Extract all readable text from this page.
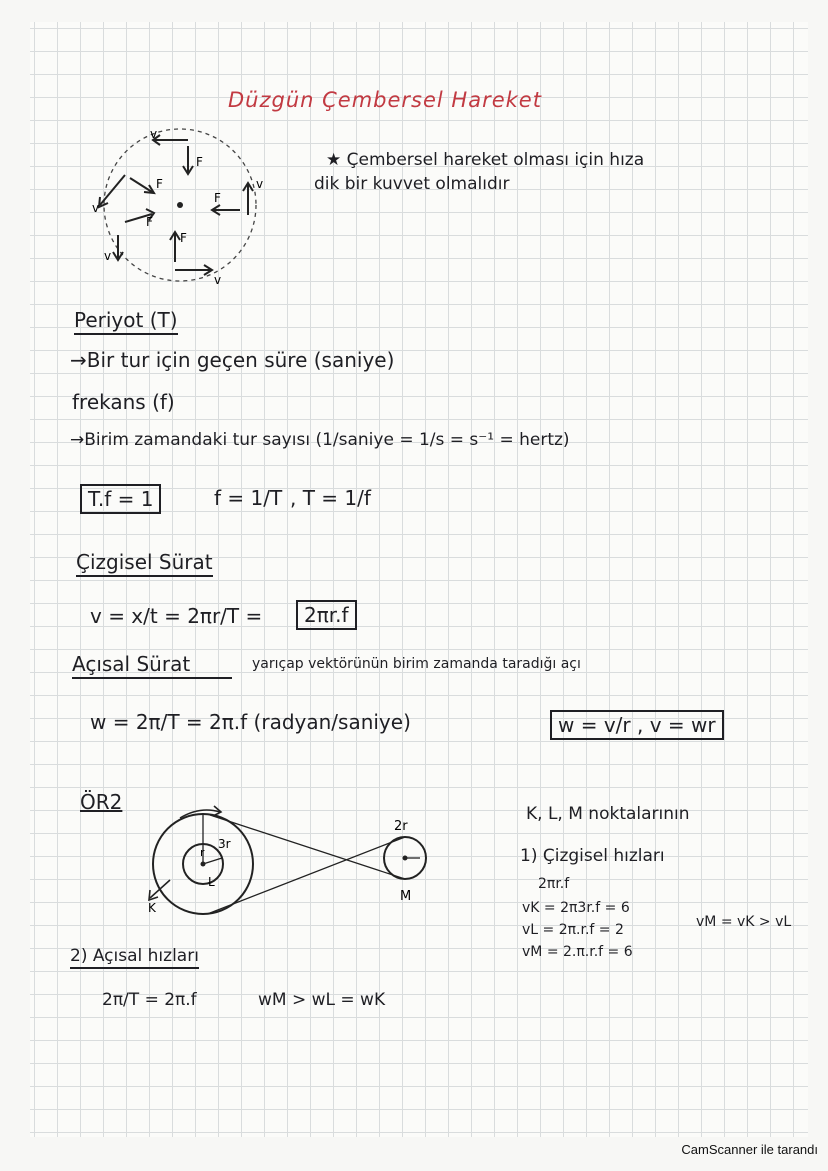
Düzgün Çembersel Hareket
v
F
v
F
v
F
v
F
v
F
★ Çembersel hareket olması için hıza
dik bir kuvvet olmalıdır
Periyot (T)
→Bir tur için geçen süre (saniye)
frekans (f)
→Birim zamandaki tur sayısı (1/saniye = 1/s = s⁻¹ = hertz)
T.f = 1	f = 1/T , T = 1/f
Çizgisel Sürat
v = x/t = 2πr/T =	2πr.f
Açısal Sürat	yarıçap vektörünün birim zamanda taradığı açı
w = 2π/T = 2π.f (radyan/saniye)	w = v/r , v = wr
ÖR2
r
3r
K
L
M
2r
K, L, M noktalarının
1) Çizgisel hızları
2πr.f
vK = 2π3r.f = 6
vL = 2π.r.f = 2
vM = 2.π.r.f = 6
vM = vK > vL
2) Açısal hızları
2π/T = 2π.f	wM > wL = wK
CamScanner ile tarandı
